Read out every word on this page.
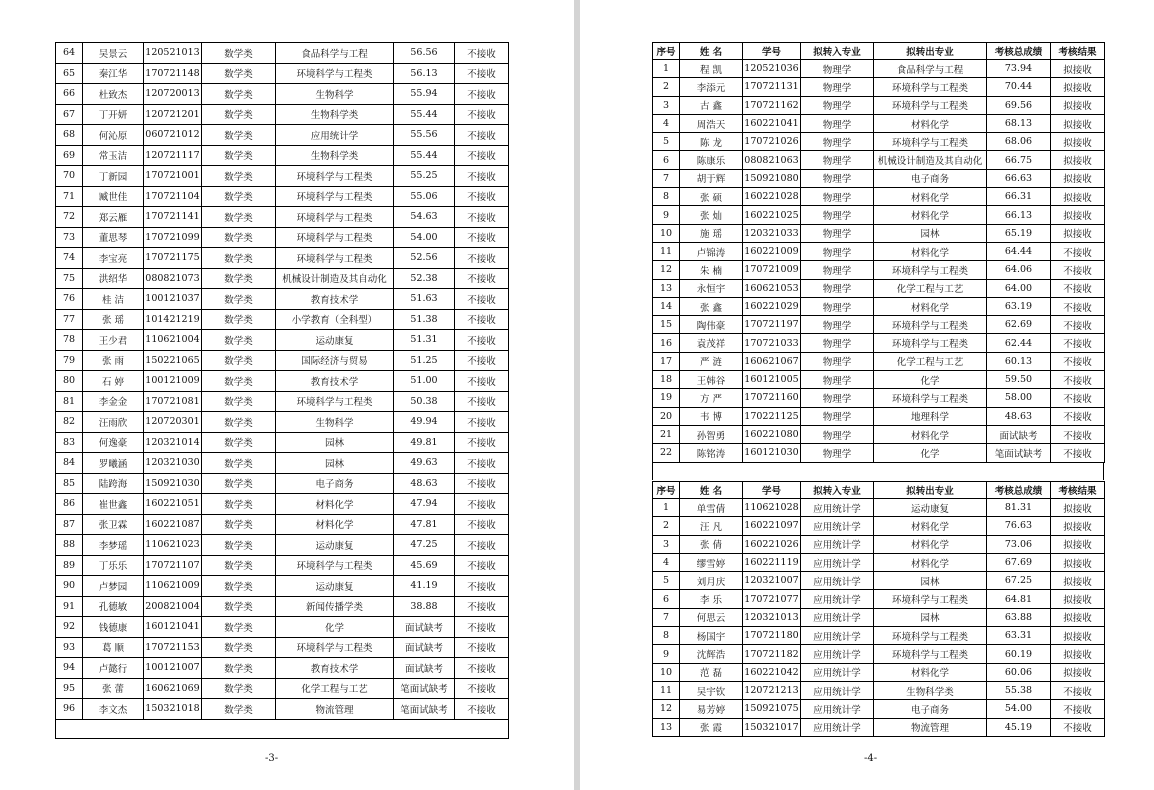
64	吴景云	120521013	数学类	食品科学与工程	56.56	不接收
65	秦江华	170721148	数学类	环境科学与工程类	56.13	不接收
66	杜致杰	120720013	数学类	生物科学	55.94	不接收
67	丁开妍	120721201	数学类	生物科学类	55.44	不接收
68	何沁原	060721012	数学类	应用统计学	55.56	不接收
69	常玉洁	120721117	数学类	生物科学类	55.44	不接收
70	丁新园	170721001	数学类	环境科学与工程类	55.25	不接收
71	臧世佳	170721104	数学类	环境科学与工程类	55.06	不接收
72	郑云雁	170721141	数学类	环境科学与工程类	54.63	不接收
73	董思琴	170721099	数学类	环境科学与工程类	54.00	不接收
74	李宝亮	170721175	数学类	环境科学与工程类	52.56	不接收
75	洪绍华	080821073	数学类	机械设计制造及其自动化	52.38	不接收
76	桂 洁	100121037	数学类	教育技术学	51.63	不接收
77	张 瑶	101421219	数学类	小学教育（全科型）	51.38	不接收
78	王少君	110621004	数学类	运动康复	51.31	不接收
79	张 雨	150221065	数学类	国际经济与贸易	51.25	不接收
80	石 婷	100121009	数学类	教育技术学	51.00	不接收
81	李金金	170721081	数学类	环境科学与工程类	50.38	不接收
82	汪雨欣	120720301	数学类	生物科学	49.94	不接收
83	何逸豪	120321014	数学类	园林	49.81	不接收
84	罗曦涵	120321030	数学类	园林	49.63	不接收
85	陆跨海	150921030	数学类	电子商务	48.63	不接收
86	崔世鑫	160221051	数学类	材料化学	47.94	不接收
87	张卫霖	160221087	数学类	材料化学	47.81	不接收
88	李梦瑶	110621023	数学类	运动康复	47.25	不接收
89	丁乐乐	170721107	数学类	环境科学与工程类	45.69	不接收
90	卢梦园	110621009	数学类	运动康复	41.19	不接收
91	孔德敏	200821004	数学类	新闻传播学类	38.88	不接收
92	钱德康	160121041	数学类	化学	面试缺考	不接收
93	葛 顺	170721153	数学类	环境科学与工程类	面试缺考	不接收
94	卢懿行	100121007	数学类	教育技术学	面试缺考	不接收
95	张 蕾	160621069	数学类	化学工程与工艺	笔面试缺考	不接收
96	李文杰	150321018	数学类	物流管理	笔面试缺考	不接收

-3-
序号	姓 名	学号	拟转入专业	拟转出专业	考核总成绩	考核结果
1	程 凯	120521036	物理学	食品科学与工程	73.94	拟接收
2	李添元	170721131	物理学	环境科学与工程类	70.44	拟接收
3	古 鑫	170721162	物理学	环境科学与工程类	69.56	拟接收
4	周浩天	160221041	物理学	材料化学	68.13	拟接收
5	陈 龙	170721026	物理学	环境科学与工程类	68.06	拟接收
6	陈康乐	080821063	物理学	机械设计制造及其自动化	66.75	拟接收
7	胡于辉	150921080	物理学	电子商务	66.63	拟接收
8	张 硕	160221028	物理学	材料化学	66.31	拟接收
9	张 灿	160221025	物理学	材料化学	66.13	拟接收
10	施 瑶	120321033	物理学	园林	65.19	拟接收
11	卢锦涛	160221009	物理学	材料化学	64.44	不接收
12	朱 楠	170721009	物理学	环境科学与工程类	64.06	不接收
13	永恒宇	160621053	物理学	化学工程与工艺	64.00	不接收
14	张 鑫	160221029	物理学	材料化学	63.19	不接收
15	陶伟豪	170721197	物理学	环境科学与工程类	62.69	不接收
16	袁茂祥	170721033	物理学	环境科学与工程类	62.44	不接收
17	严 涟	160621067	物理学	化学工程与工艺	60.13	不接收
18	王韩谷	160121005	物理学	化学	59.50	不接收
19	方 严	170721160	物理学	环境科学与工程类	58.00	不接收
20	韦 博	170221125	物理学	地理科学	48.63	不接收
21	孙智勇	160221080	物理学	材料化学	面试缺考	不接收
22	陈铭涛	160121030	物理学	化学	笔面试缺考	不接收
序号	姓 名	学号	拟转入专业	拟转出专业	考核总成绩	考核结果
1	单雪倩	110621028	应用统计学	运动康复	81.31	拟接收
2	汪 凡	160221097	应用统计学	材料化学	76.63	拟接收
3	张 倩	160221026	应用统计学	材料化学	73.06	拟接收
4	缪雪婷	160221119	应用统计学	材料化学	67.69	拟接收
5	刘月庆	120321007	应用统计学	园林	67.25	拟接收
6	李 乐	170721077	应用统计学	环境科学与工程类	64.81	拟接收
7	何思云	120321013	应用统计学	园林	63.88	拟接收
8	杨国宇	170721180	应用统计学	环境科学与工程类	63.31	拟接收
9	沈辉浩	170721182	应用统计学	环境科学与工程类	60.19	拟接收
10	范 磊	160221042	应用统计学	材料化学	60.06	拟接收
11	吴宇钦	120721213	应用统计学	生物科学类	55.38	不接收
12	易芳婷	150921075	应用统计学	电子商务	54.00	不接收
13	张 霞	150321017	应用统计学	物流管理	45.19	不接收
-4-
